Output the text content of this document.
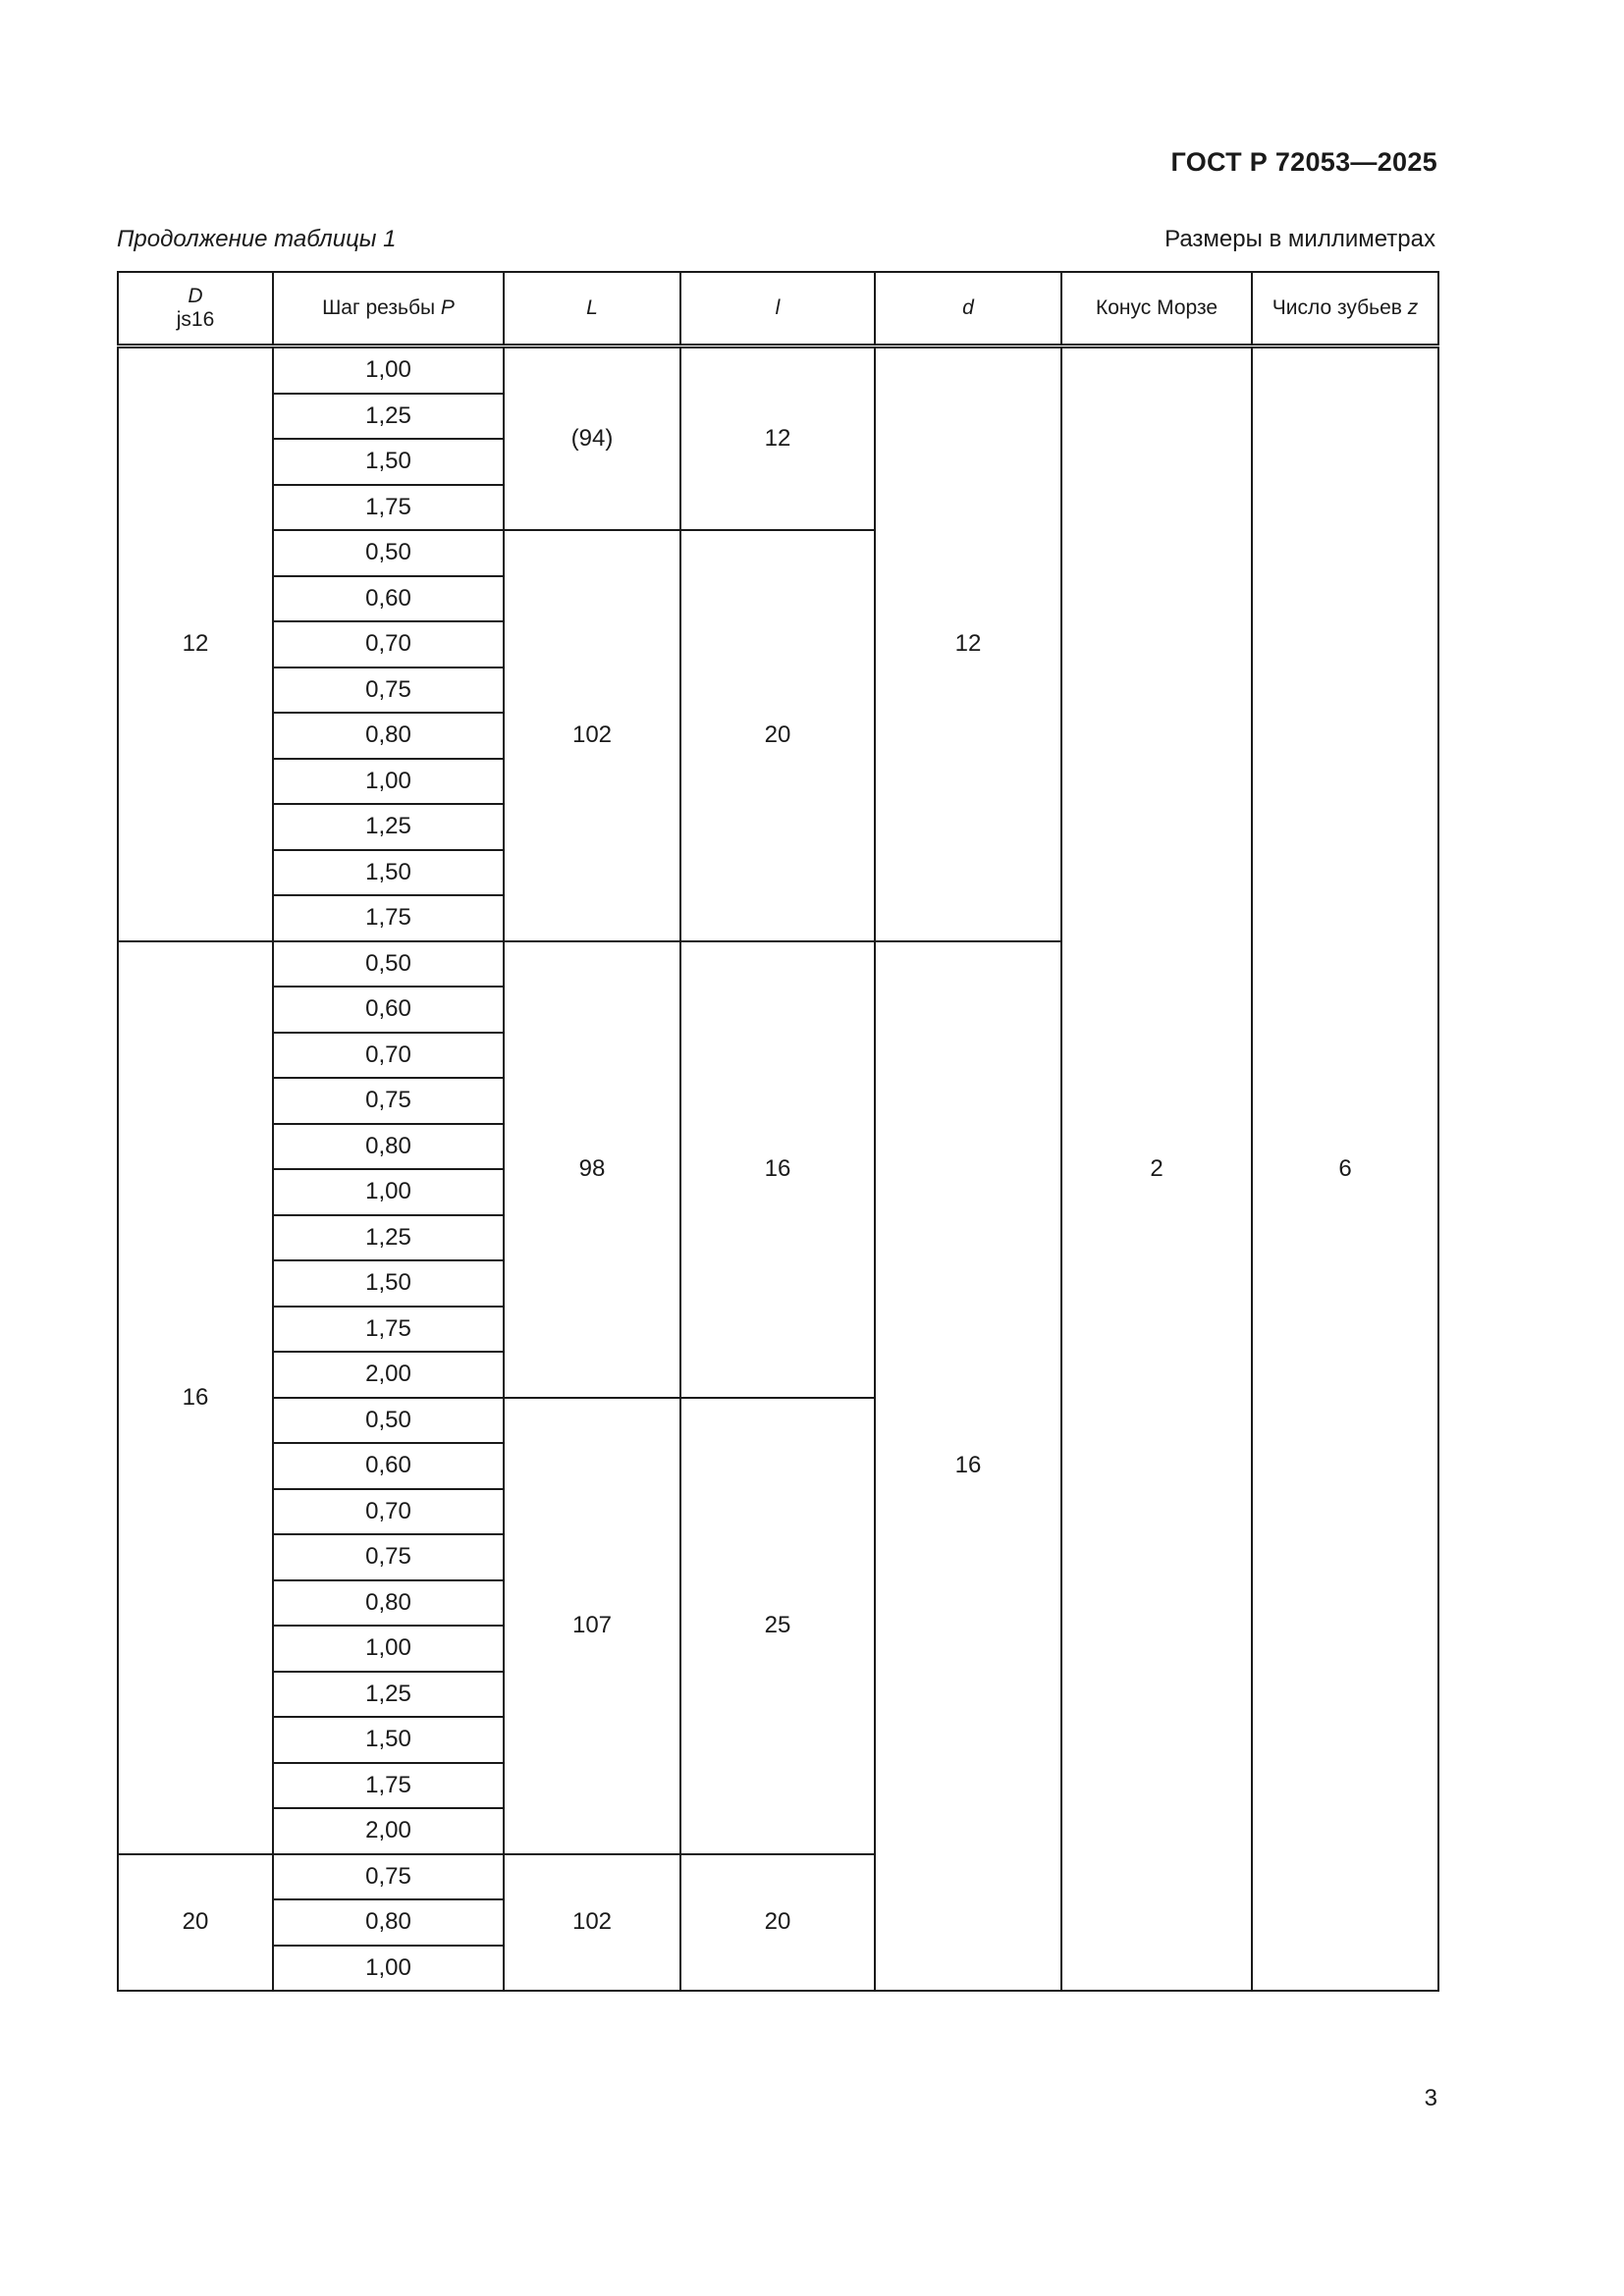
ГОСТ Р 72053—2025
Продолжение таблицы 1	Размеры в миллиметрах
D
js16	Шаг резьбы P	L	l	d	Конус Морзе	Число зубьев z
12	1,00	(94)	12	12	2	6
	1,25					
	1,50					
	1,75					
	0,50	102	20			
	0,60					
	0,70					
	0,75					
	0,80					
	1,00					
	1,25					
	1,50					
	1,75					
16	0,50	98	16	16		
	0,60					
	0,70					
	0,75					
	0,80					
	1,00					
	1,25					
	1,50					
	1,75					
	2,00					
	0,50	107	25			
	0,60					
	0,70					
	0,75					
	0,80					
	1,00					
	1,25					
	1,50					
	1,75					
	2,00					
20	0,75	102	20			
	0,80					
	1,00					
3
